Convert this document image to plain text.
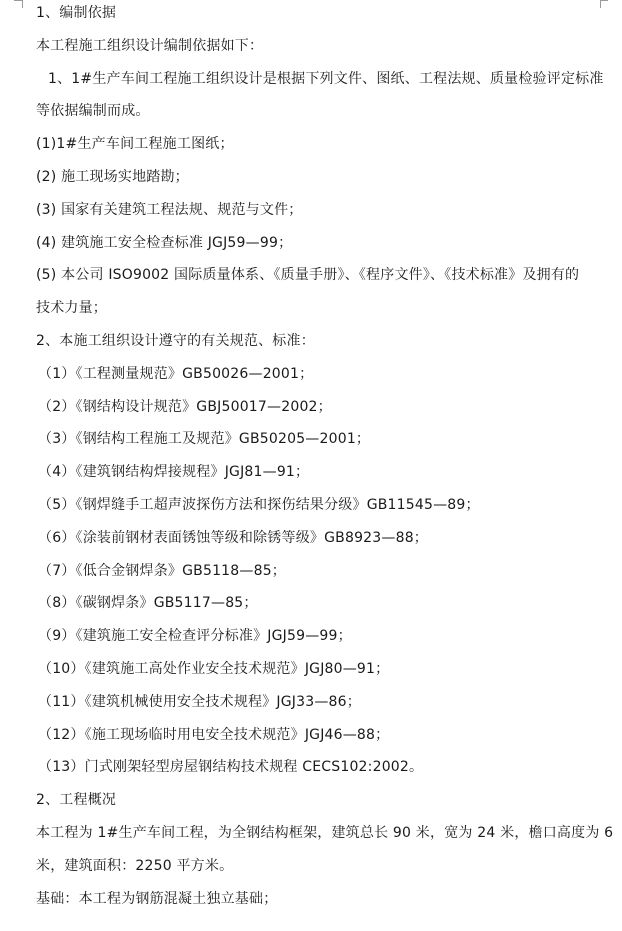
1、编制依据
本工程施工组织设计编制依据如下：
1、1#生产车间工程施工组织设计是根据下列文件、图纸、工程法规、质量检验评定标准
等依据编制而成。
(1)1#生产车间工程施工图纸；
(2) 施工现场实地踏勘；
(3) 国家有关建筑工程法规、规范与文件；
(4) 建筑施工安全检查标准 JGJ59—99；
(5) 本公司 ISO9002 国际质量体系、《质量手册》、《程序文件》、《技术标准》及拥有的
技术力量；
2、本施工组织设计遵守的有关规范、标准：
（1）《工程测量规范》GB50026—2001；
（2）《钢结构设计规范》GBJ50017—2002；
（3）《钢结构工程施工及规范》GB50205—2001；
（4）《建筑钢结构焊接规程》JGJ81—91；
（5）《钢焊缝手工超声波探伤方法和探伤结果分级》GB11545—89；
（6）《涂装前钢材表面锈蚀等级和除锈等级》GB8923—88；
（7）《低合金钢焊条》GB5118—85；
（8）《碳钢焊条》GB5117—85；
（9）《建筑施工安全检查评分标准》JGJ59—99；
（10）《建筑施工高处作业安全技术规范》JGJ80—91；
（11）《建筑机械使用安全技术规程》JGJ33—86；
（12）《施工现场临时用电安全技术规范》JGJ46—88；
（13）门式刚架轻型房屋钢结构技术规程 CECS102:2002。
2、工程概况
本工程为 1#生产车间工程，为全钢结构框架，建筑总长 90 米，宽为 24 米，檐口高度为 6
米，建筑面积：2250 平方米。
基础：本工程为钢筋混凝土独立基础；
